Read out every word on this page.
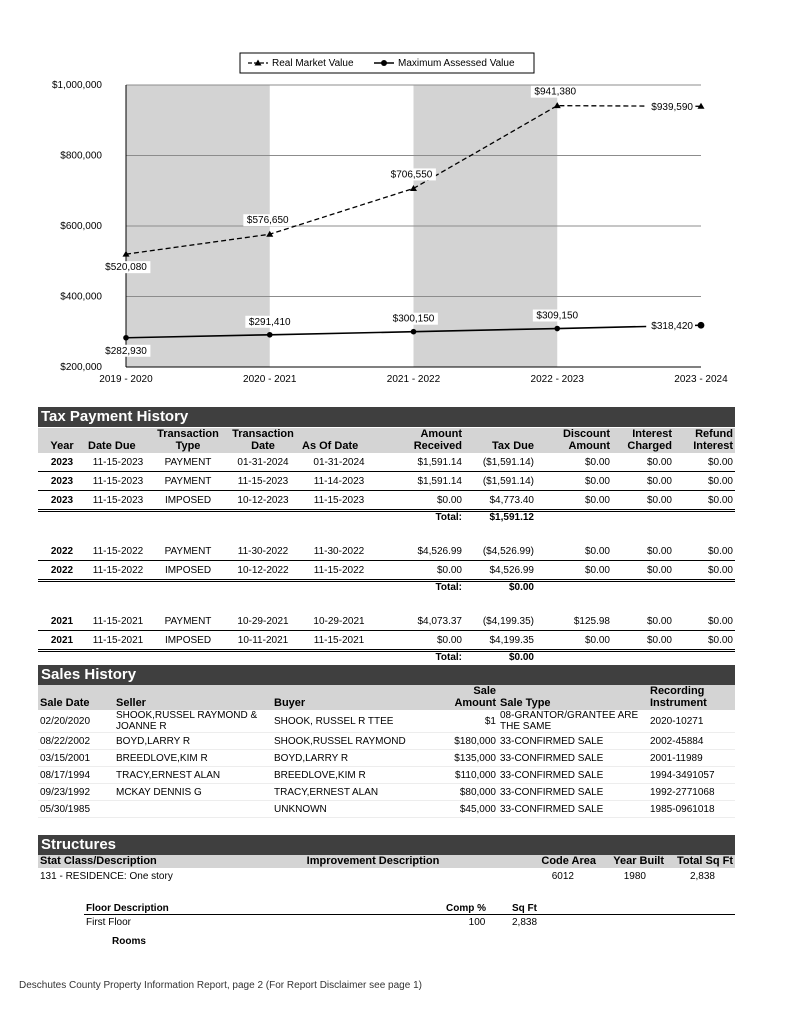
$520,080
$576,650
$706,550
$941,380
$939,590
$282,930
$291,410	$300,150	$309,150
$318,420
$200,000
$400,000
$600,000
$800,000
$1,000,000
2019 - 2020	2020 - 2021	2021 - 2022	2022 - 2023	2023 - 2024
Real Market Value	Maximum Assessed Value
Tax Payment History
Year	Date Due	Transaction Type	Transaction Date	As Of Date	Amount Received	Tax Due	Discount Amount	Interest Charged	Refund Interest
2023	11-15-2023	PAYMENT	01-31-2024	01-31-2024	$1,591.14	($1,591.14)	$0.00	$0.00	$0.00
2023	11-15-2023	PAYMENT	11-15-2023	11-14-2023	$1,591.14	($1,591.14)	$0.00	$0.00	$0.00
2023	11-15-2023	IMPOSED	10-12-2023	11-15-2023	$0.00	$4,773.40	$0.00	$0.00	$0.00
					Total:	$1,591.12			

2022	11-15-2022	PAYMENT	11-30-2022	11-30-2022	$4,526.99	($4,526.99)	$0.00	$0.00	$0.00
2022	11-15-2022	IMPOSED	10-12-2022	11-15-2022	$0.00	$4,526.99	$0.00	$0.00	$0.00
					Total:	$0.00			

2021	11-15-2021	PAYMENT	10-29-2021	10-29-2021	$4,073.37	($4,199.35)	$125.98	$0.00	$0.00
2021	11-15-2021	IMPOSED	10-11-2021	11-15-2021	$0.00	$4,199.35	$0.00	$0.00	$0.00
					Total:	$0.00			
Sales History
Sale Date	Seller	Buyer	Sale Amount	Sale Type	Recording Instrument
02/20/2020	SHOOK,RUSSEL RAYMOND & JOANNE R	SHOOK, RUSSEL R TTEE	$1	08-GRANTOR/GRANTEE ARE THE SAME	2020-10271
08/22/2002	BOYD,LARRY R	SHOOK,RUSSEL RAYMOND	$180,000	33-CONFIRMED SALE	2002-45884
03/15/2001	BREEDLOVE,KIM R	BOYD,LARRY R	$135,000	33-CONFIRMED SALE	2001-11989
08/17/1994	TRACY,ERNEST ALAN	BREEDLOVE,KIM R	$110,000	33-CONFIRMED SALE	1994-3491057
09/23/1992	MCKAY DENNIS G	TRACY,ERNEST ALAN	$80,000	33-CONFIRMED SALE	1992-2771068
05/30/1985		UNKNOWN	$45,000	33-CONFIRMED SALE	1985-0961018
Structures
Stat Class/Description	Improvement Description	Code Area	Year Built	Total Sq Ft
131 - RESIDENCE: One story		6012	1980	2,838
Floor Description	Comp %	Sq Ft
First Floor	100	2,838
Rooms
Deschutes County Property Information Report, page 2 (For Report Disclaimer see page 1)
